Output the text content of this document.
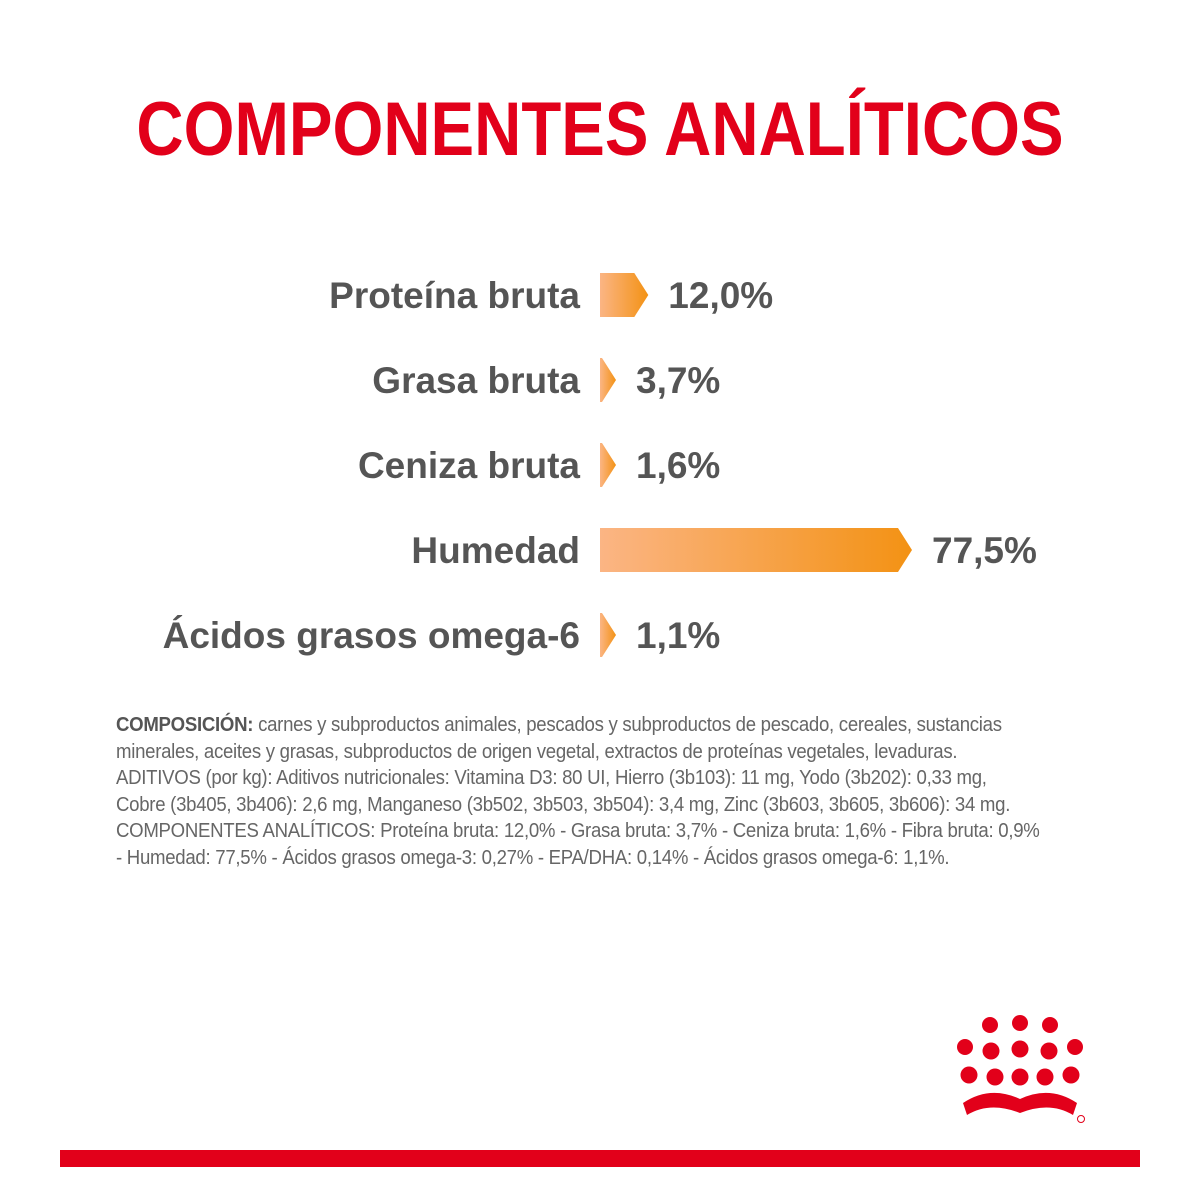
COMPONENTES ANALÍTICOS
Proteína bruta 12,0%
Grasa bruta 3,7%
Ceniza bruta 1,6%
Humedad	77,5%
Ácidos grasos omega-6 1,1%
COMPOSICIÓN: carnes y subproductos animales, pescados y subproductos de pescado, cereales, sustancias
minerales, aceites y grasas, subproductos de origen vegetal, extractos de proteínas vegetales, levaduras.
ADITIVOS (por kg): Aditivos nutricionales: Vitamina D3: 80 UI, Hierro (3b103): 11 mg, Yodo (3b202): 0,33 mg,
Cobre (3b405, 3b406): 2,6 mg, Manganeso (3b502, 3b503, 3b504): 3,4 mg, Zinc (3b603, 3b605, 3b606): 34 mg.
COMPONENTES ANALÍTICOS: Proteína bruta: 12,0% - Grasa bruta: 3,7% - Ceniza bruta: 1,6% - Fibra bruta: 0,9%
- Humedad: 77,5% - Ácidos grasos omega-3: 0,27% - EPA/DHA: 0,14% - Ácidos grasos omega-6: 1,1%.
